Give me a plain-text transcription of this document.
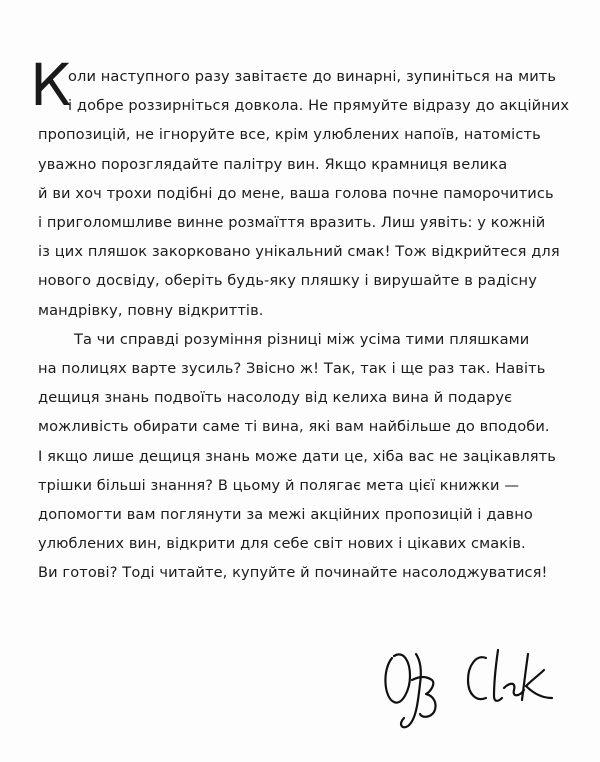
К
оли наступного разу завітаєте до винарні, зупиніться на мить
і добре роззирніться довкола. Не прямуйте відразу до акційних
пропозицій, не ігноруйте все, крім улюблених напоїв, натомість
уважно порозглядайте палітру вин. Якщо крамниця велика
й ви хоч трохи подібні до мене, ваша голова почне паморочитись
і приголомшливе винне розмаїття вразить. Лиш уявіть: у кожній
із цих пляшок закорковано унікальний смак! Тож відкрийтеся для
нового досвіду, оберіть будь-яку пляшку і вирушайте в радісну
мандрівку, повну відкриттів.
Та чи справді розуміння різниці між усіма тими пляшками
на полицях варте зусиль? Звісно ж! Так, так і ще раз так. Навіть
дещиця знань подвоїть насолоду від келиха вина й подарує
можливість обирати саме ті вина, які вам найбільше до вподоби.
І якщо лише дещиця знань може дати це, хіба вас не зацікавлять
трішки більші знання? В цьому й полягає мета цієї книжки —
допомогти вам поглянути за межі акційних пропозицій і давно
улюблених вин, відкрити для себе світ нових і цікавих смаків.
Ви готові? Тоді читайте, купуйте й починайте насолоджуватися!
